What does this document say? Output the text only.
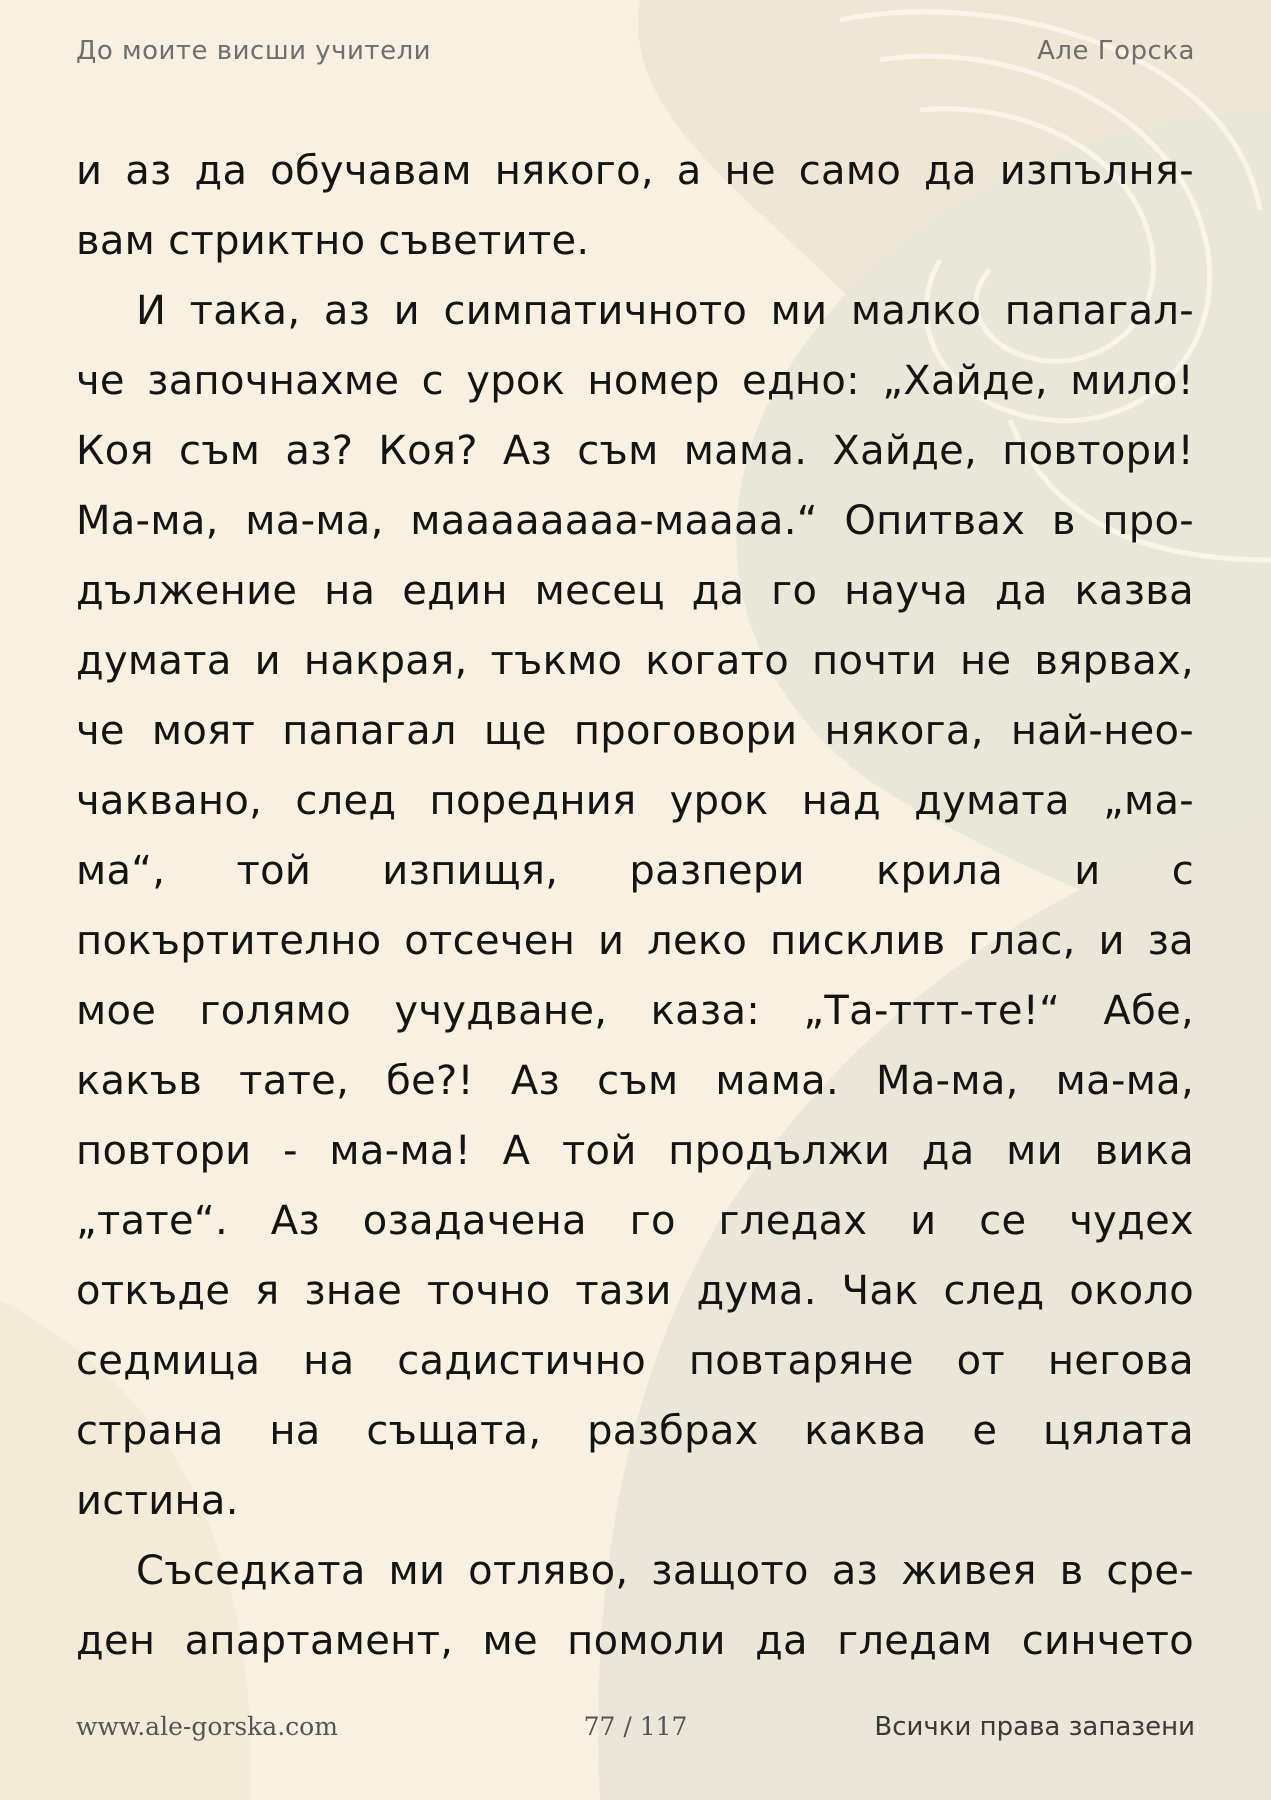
До моите висши учители	Але Горска
и аз да обучавам някого, а не само да изпълня-
вам стриктно съветите.
И така, аз и симпатичното ми малко папагал-
че започнахме с урок номер едно: „Хайде, мило!
Коя съм аз? Коя? Аз съм мама. Хайде, повтори!
Ма-ма, ма-ма, маааааааа-мааaa.“ Опитвах в про-
дължение на един месец да го науча да казва
думата и накрая, тъкмо когато почти не вярвах,
че моят папагал ще проговори някога, най-нео-
чаквано, след поредния урок над думата „ма-
ма“, той изпищя, разпери крила и с
покъртително отсечен и леко писклив глас, и за
мое голямо учудване, каза: „Та-ттт-те!“ Абе,
какъв тате, бе?! Аз съм мама. Ма-ма, ма-ма,
повтори - ма-ма! А той продължи да ми вика
„тате“. Аз озадачена го гледах и се чудех
откъде я знае точно тази дума. Чак след около
седмица на садистично повтаряне от негова
страна на същата, разбрах каква е цялата
истина.
Съседката ми отляво, защото аз живея в сре-
ден апартамент, ме помоли да гледам синчето
www.ale-gorska.com	77 / 117	Всички права запазени
